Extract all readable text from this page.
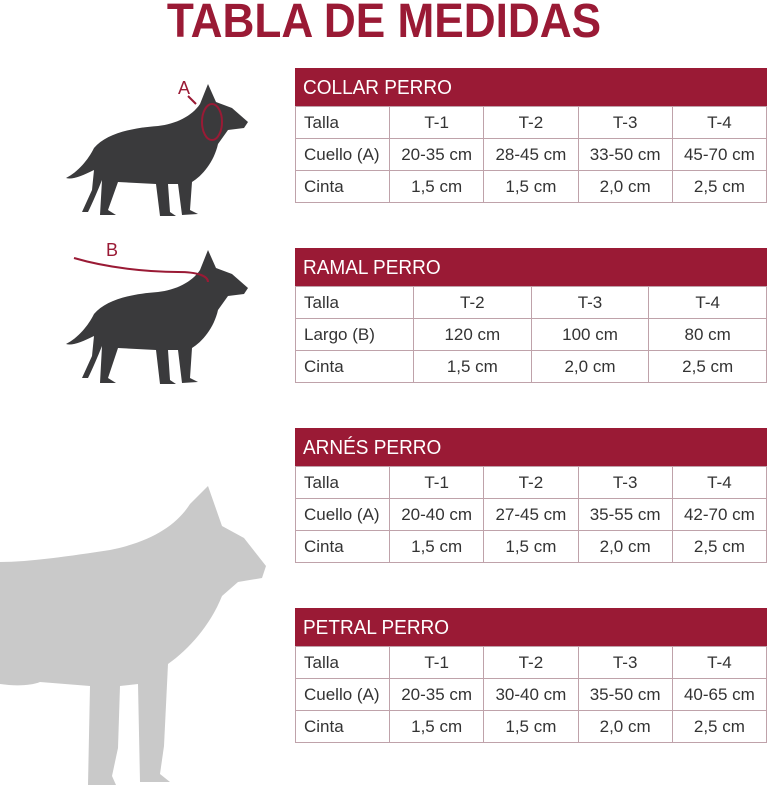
TABLA DE MEDIDAS
A
B
COLLAR PERRO
Talla	T-1	T-2	T-3	T-4
Cuello (A)	20-35 cm	28-45 cm	33-50 cm	45-70 cm
Cinta	1,5 cm	1,5 cm	2,0 cm	2,5 cm
RAMAL PERRO
Talla	T-2	T-3	T-4
Largo (B)	120 cm	100 cm	80 cm
Cinta	1,5 cm	2,0 cm	2,5 cm
ARNÉS PERRO
Talla	T-1	T-2	T-3	T-4
Cuello (A)	20-40 cm	27-45 cm	35-55 cm	42-70 cm
Cinta	1,5 cm	1,5 cm	2,0 cm	2,5 cm
PETRAL PERRO
Talla	T-1	T-2	T-3	T-4
Cuello (A)	20-35 cm	30-40 cm	35-50 cm	40-65 cm
Cinta	1,5 cm	1,5 cm	2,0 cm	2,5 cm
